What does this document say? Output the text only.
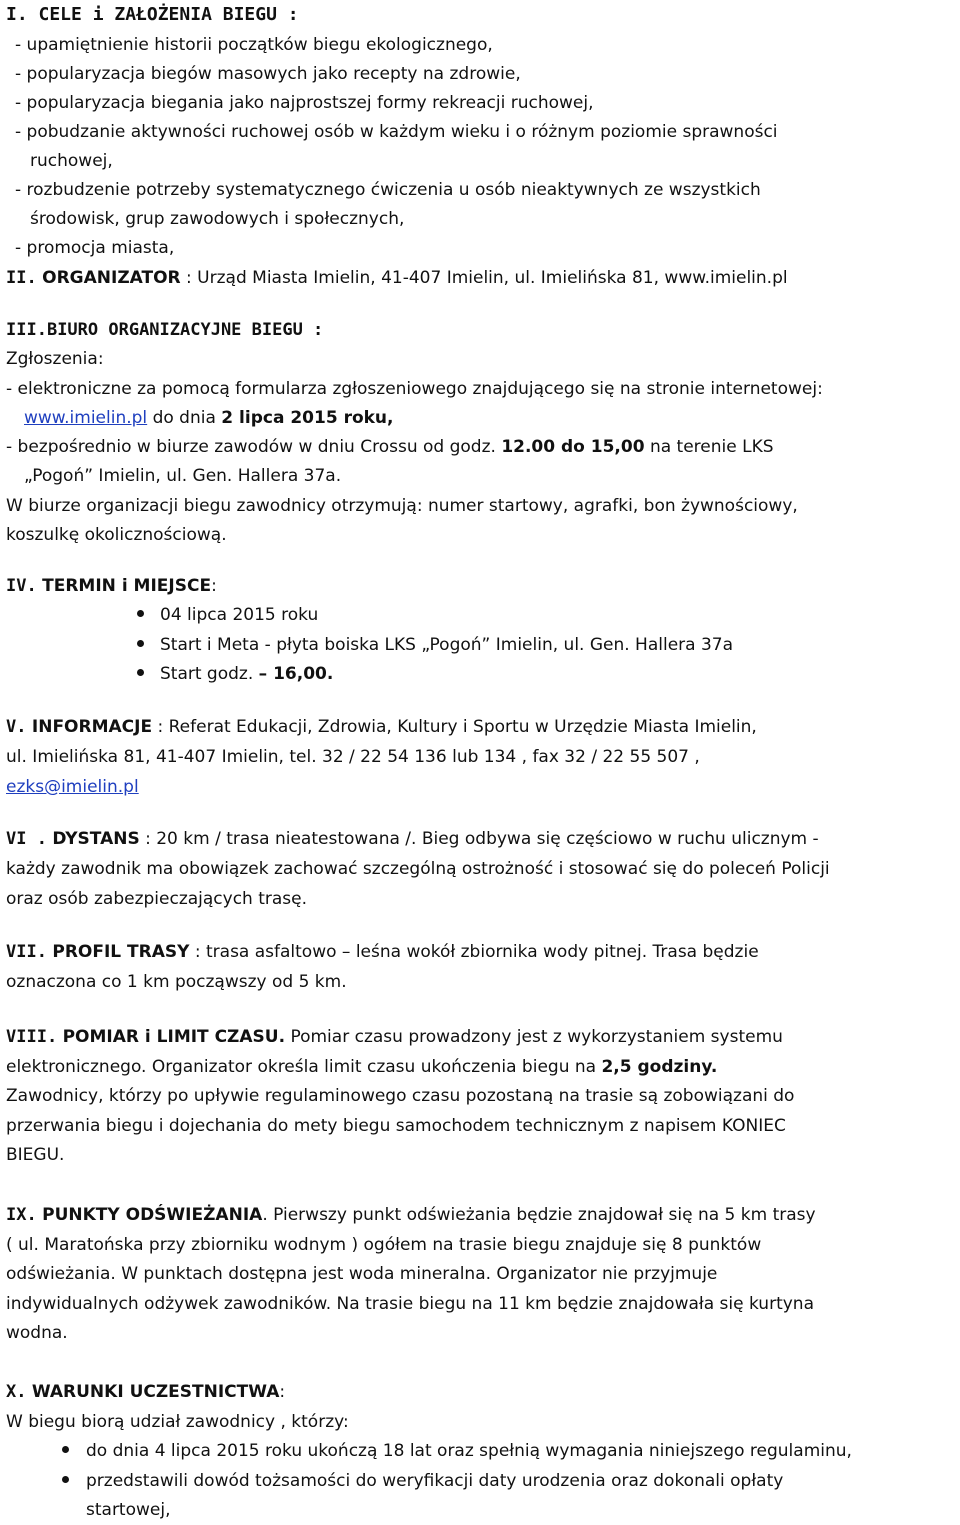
I. CELE i ZAŁOŻENIA BIEGU :
- upamiętnienie historii początków biegu ekologicznego,
- popularyzacja biegów masowych jako recepty na zdrowie,
- popularyzacja biegania jako najprostszej formy rekreacji ruchowej,
- pobudzanie aktywności ruchowej osób w każdym wieku i o różnym poziomie sprawności
ruchowej,
- rozbudzenie potrzeby systematycznego ćwiczenia u osób nieaktywnych ze wszystkich
środowisk, grup zawodowych i społecznych,
- promocja miasta,
II. ORGANIZATOR : Urząd Miasta Imielin, 41-407 Imielin, ul. Imielińska 81, www.imielin.pl
III.BIURO ORGANIZACYJNE BIEGU :
Zgłoszenia:
- elektroniczne za pomocą formularza zgłoszeniowego znajdującego się na stronie internetowej:
www.imielin.pl do dnia 2 lipca 2015 roku,
- bezpośrednio w biurze zawodów w dniu Crossu od godz. 12.00 do 15,00 na terenie LKS
„Pogoń” Imielin, ul. Gen. Hallera 37a.
W biurze organizacji biegu zawodnicy otrzymują: numer startowy, agrafki, bon żywnościowy,
koszulkę okolicznościową.
IV. TERMIN i MIEJSCE:
04 lipca 2015 roku
Start i Meta - płyta boiska LKS „Pogoń” Imielin, ul. Gen. Hallera 37a
Start godz. – 16,00.
V. INFORMACJE : Referat Edukacji, Zdrowia, Kultury i Sportu w Urzędzie Miasta Imielin,
ul. Imielińska 81, 41-407 Imielin, tel. 32 / 22 54 136 lub 134 , fax 32 / 22 55 507 ,
ezks@imielin.pl
VI . DYSTANS : 20 km / trasa nieatestowana /. Bieg odbywa się częściowo w ruchu ulicznym -
każdy zawodnik ma obowiązek zachować szczególną ostrożność i stosować się do poleceń Policji
oraz osób zabezpieczających trasę.
VII. PROFIL TRASY : trasa asfaltowo – leśna wokół zbiornika wody pitnej. Trasa będzie
oznaczona co 1 km począwszy od 5 km.
VIII. POMIAR i LIMIT CZASU. Pomiar czasu prowadzony jest z wykorzystaniem systemu
elektronicznego. Organizator określa limit czasu ukończenia biegu na 2,5 godziny.
Zawodnicy, którzy po upływie regulaminowego czasu pozostaną na trasie są zobowiązani do
przerwania biegu i dojechania do mety biegu samochodem technicznym z napisem KONIEC
BIEGU.
IX. PUNKTY ODŚWIEŻANIA. Pierwszy punkt odświeżania będzie znajdował się na 5 km trasy
( ul. Maratońska przy zbiorniku wodnym ) ogółem na trasie biegu znajduje się 8 punktów
odświeżania. W punktach dostępna jest woda mineralna. Organizator nie przyjmuje
indywidualnych odżywek zawodników. Na trasie biegu na 11 km będzie znajdowała się kurtyna
wodna.
X. WARUNKI UCZESTNICTWA:
W biegu biorą udział zawodnicy , którzy:
do dnia 4 lipca 2015 roku ukończą 18 lat oraz spełnią wymagania niniejszego regulaminu,
przedstawili dowód tożsamości do weryfikacji daty urodzenia oraz dokonali opłaty
startowej,
